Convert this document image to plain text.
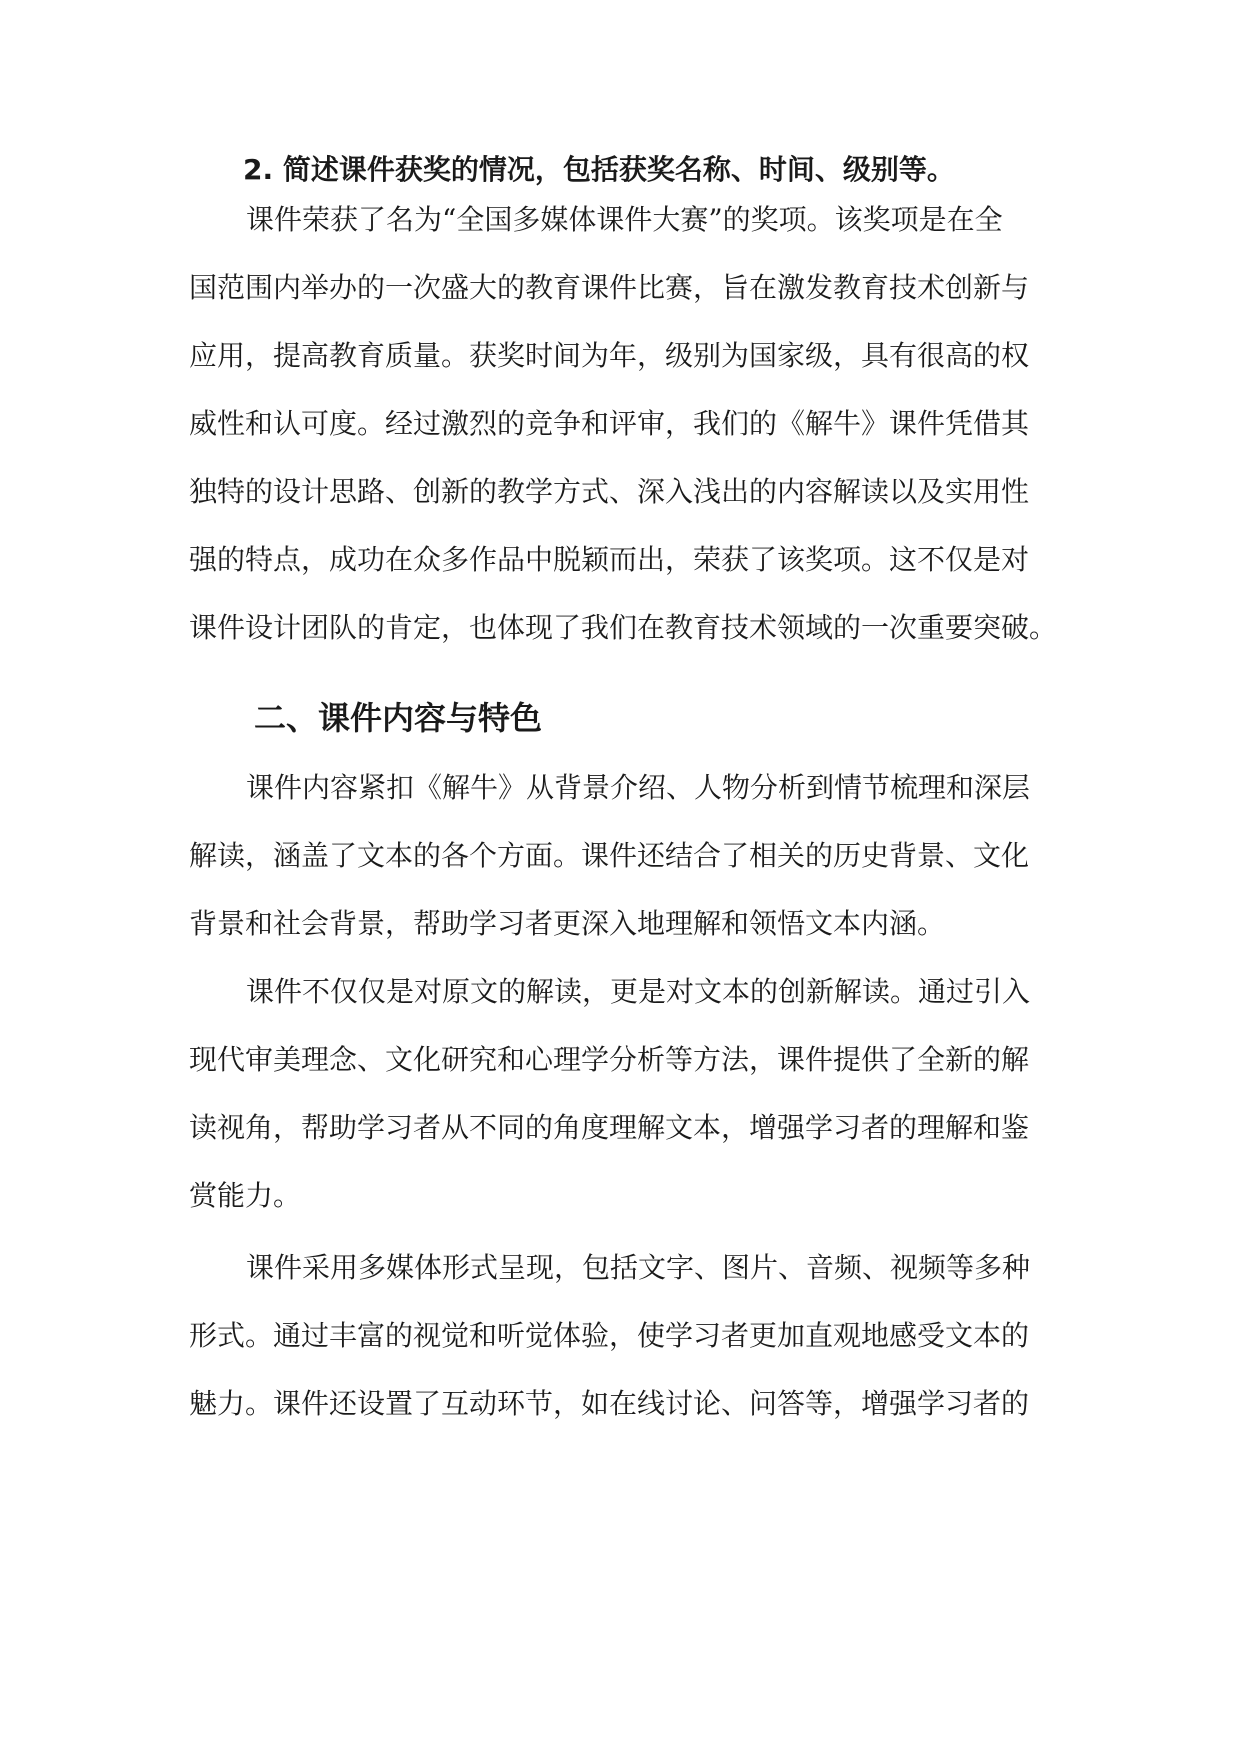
2. 简述课件获奖的情况，包括获奖名称、时间、级别等。
课件荣获了名为“全国多媒体课件大赛”的奖项。该奖项是在全
国范围内举办的一次盛大的教育课件比赛，旨在激发教育技术创新与
应用，提高教育质量。获奖时间为年，级别为国家级，具有很高的权
威性和认可度。经过激烈的竞争和评审，我们的《解牛》课件凭借其
独特的设计思路、创新的教学方式、深入浅出的内容解读以及实用性
强的特点，成功在众多作品中脱颖而出，荣获了该奖项。这不仅是对
课件设计团队的肯定，也体现了我们在教育技术领域的一次重要突破。
二、课件内容与特色
课件内容紧扣《解牛》从背景介绍、人物分析到情节梳理和深层
解读，涵盖了文本的各个方面。课件还结合了相关的历史背景、文化
背景和社会背景，帮助学习者更深入地理解和领悟文本内涵。
课件不仅仅是对原文的解读，更是对文本的创新解读。通过引入
现代审美理念、文化研究和心理学分析等方法，课件提供了全新的解
读视角，帮助学习者从不同的角度理解文本，增强学习者的理解和鉴
赏能力。
课件采用多媒体形式呈现，包括文字、图片、音频、视频等多种
形式。通过丰富的视觉和听觉体验，使学习者更加直观地感受文本的
魅力。课件还设置了互动环节，如在线讨论、问答等，增强学习者的
